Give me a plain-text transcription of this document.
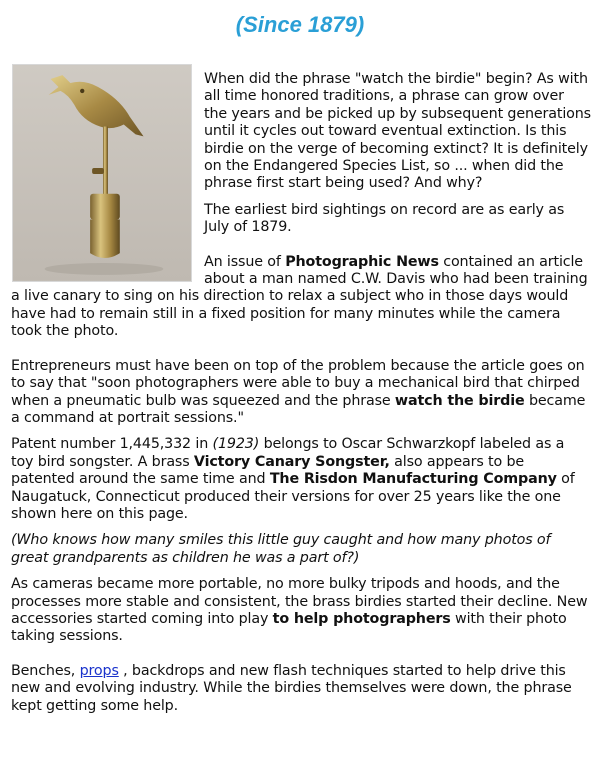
(Since 1879)

When did the phrase "watch the birdie" begin? As with all time honored traditions, a phrase can grow over the years and be picked up by subsequent generations until it cycles out toward eventual extinction. Is this birdie on the verge of becoming extinct? It is definitely on the Endangered Species List, so ... when did the phrase first start being used? And why?

The earliest bird sightings on record are as early as July of 1879.

An issue of Photographic News contained an article about a man named C.W. Davis who had been training a live canary to sing on his direction to relax a subject who in those days would have had to remain still in a fixed position for many minutes while the camera took the photo.

Entrepreneurs must have been on top of the problem because the article goes on to say that "soon photographers were able to buy a mechanical bird that chirped when a pneumatic bulb was squeezed and the phrase watch the birdie became a command at portrait sessions."

Patent number 1,445,332 in (1923) belongs to Oscar Schwarzkopf labeled as a toy bird songster. A brass Victory Canary Songster, also appears to be patented around the same time and The Risdon Manufacturing Company of Naugatuck, Connecticut produced their versions for over 25 years like the one shown here on this page.

(Who knows how many smiles this little guy caught and how many photos of great grandparents as children he was a part of?)

As cameras became more portable, no more bulky tripods and hoods, and the processes more stable and consistent, the brass birdies started their decline. New accessories started coming into play to help photographers with their photo taking sessions.

Benches, props , backdrops and new flash techniques started to help drive this new and evolving industry. While the birdies themselves were down, the phrase kept getting some help.
